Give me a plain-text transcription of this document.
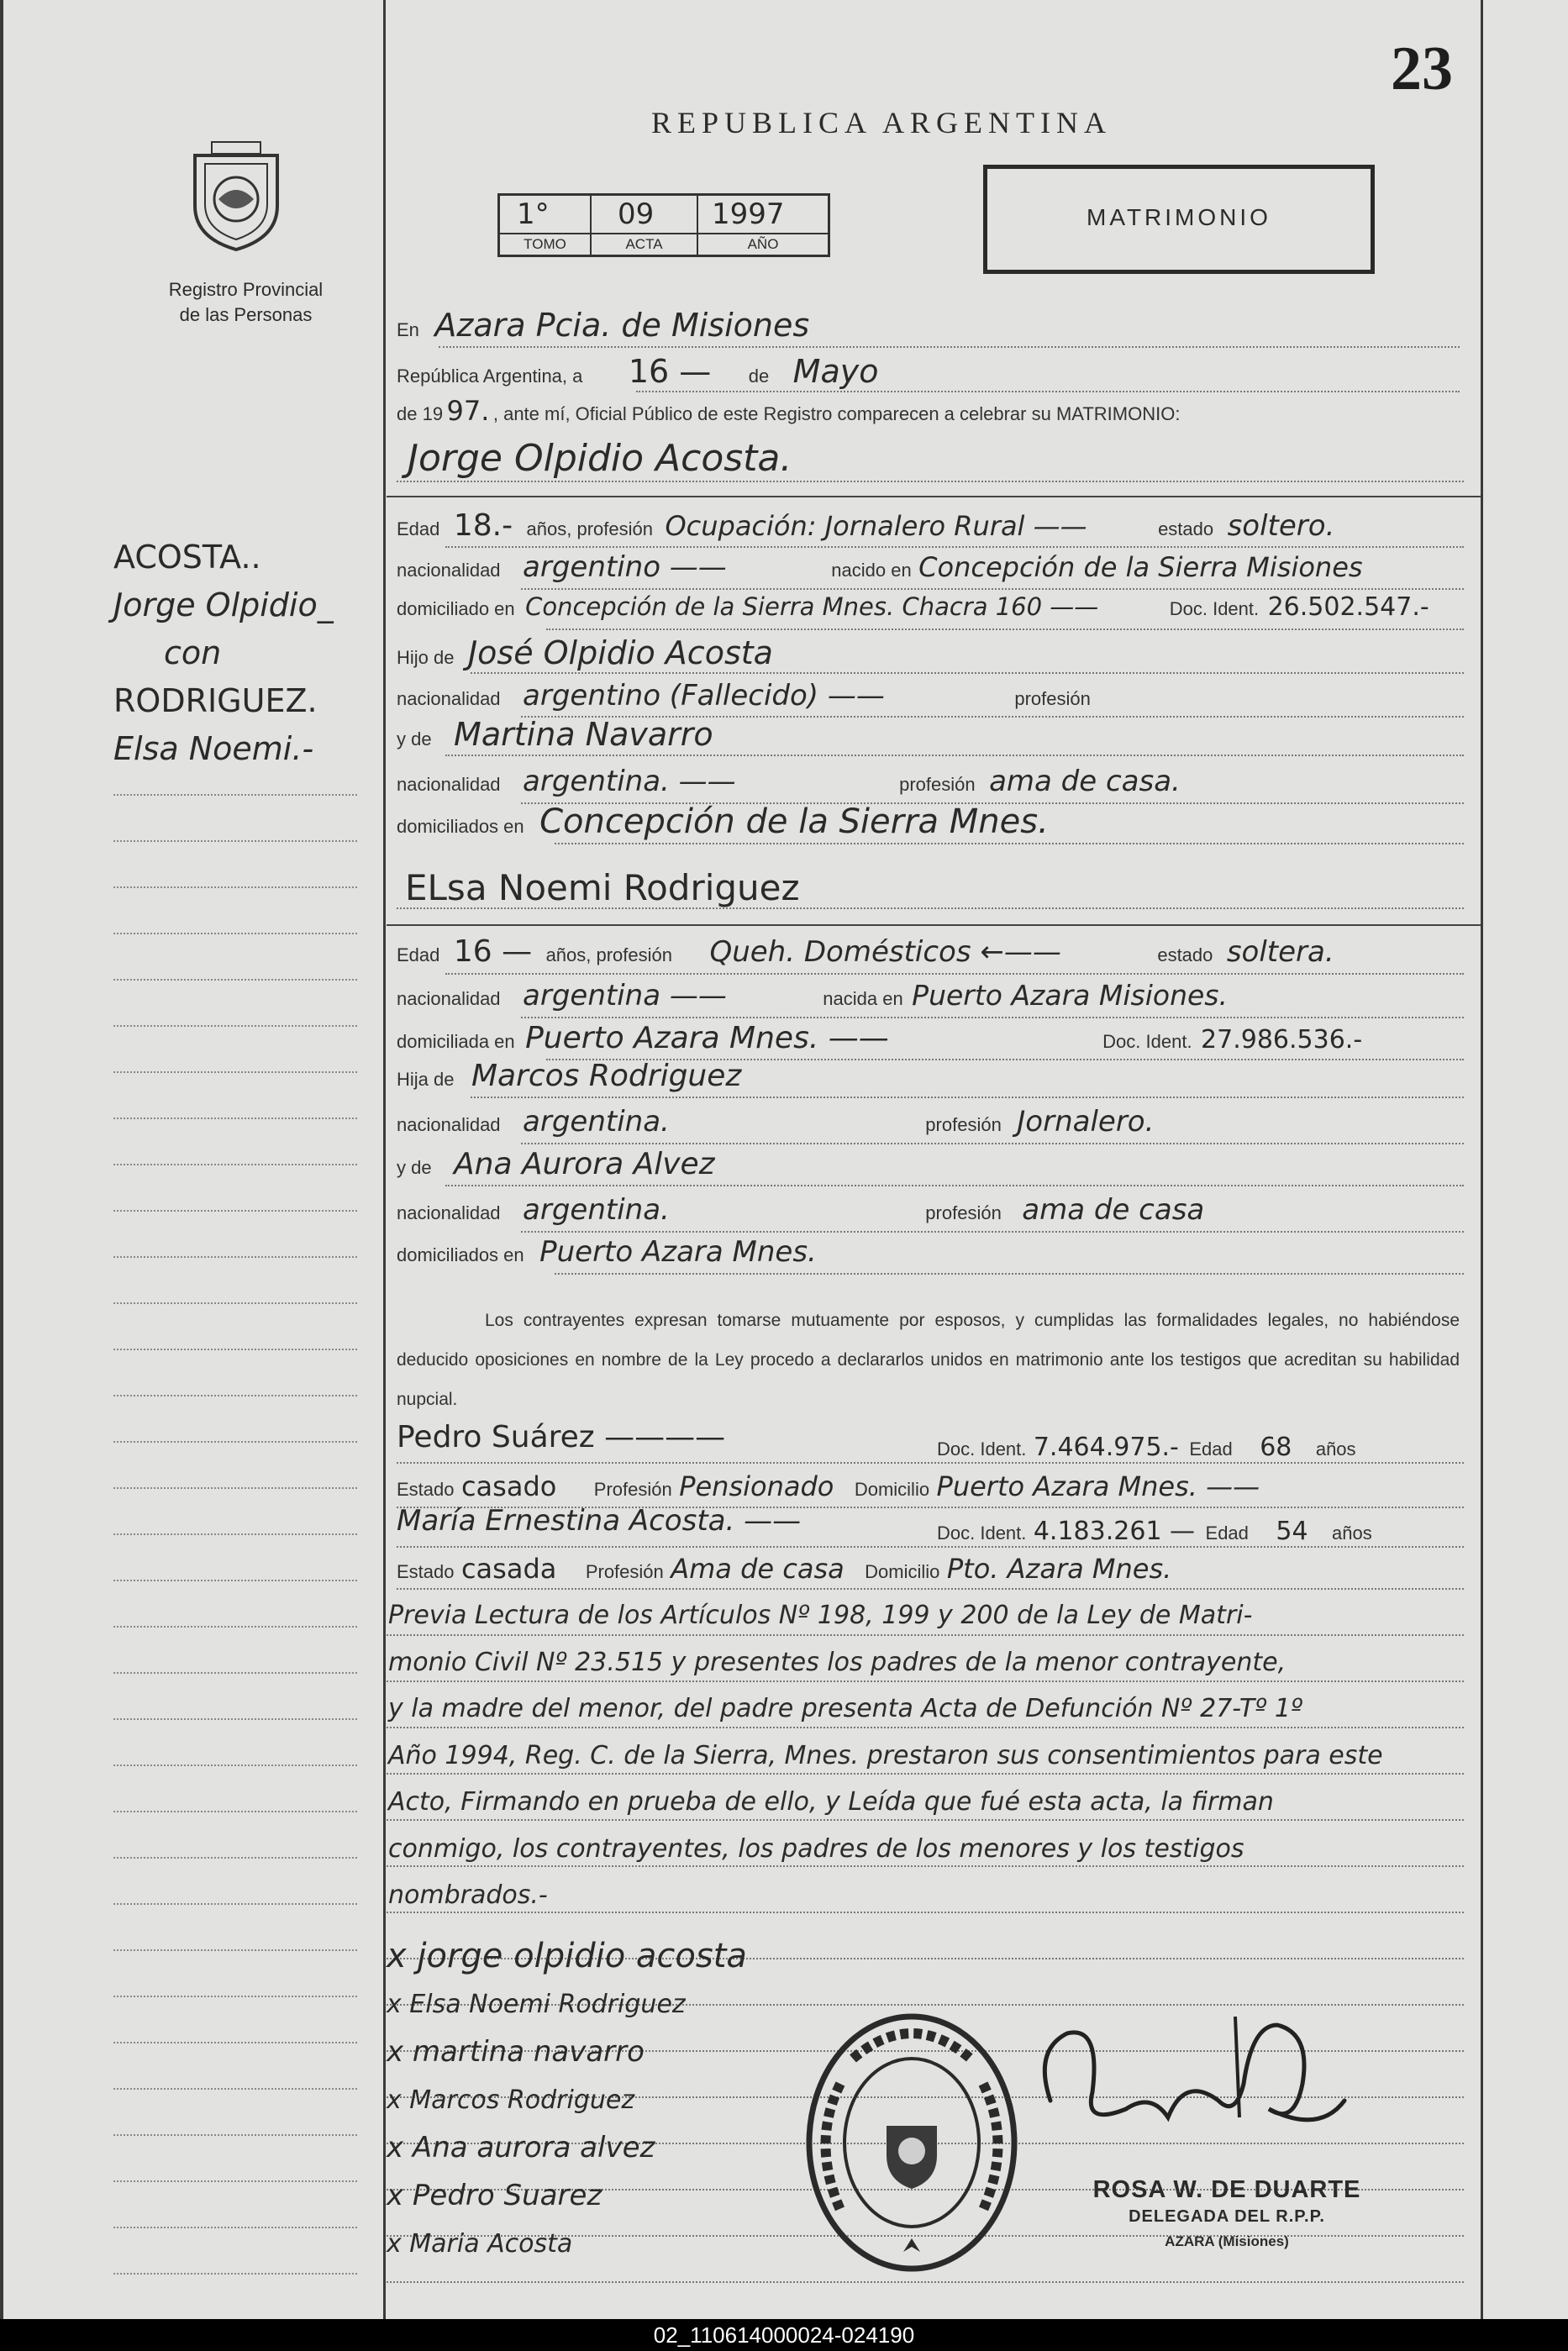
23
REPUBLICA ARGENTINA
Registro Provincial
de las Personas
1° 09 1997
TOMO	ACTA	AÑO
MATRIMONIO
ACOSTA..
Jorge Olpidio_
con
RODRIGUEZ.
Elsa Noemi.-
En Azara Pcia. de Misiones
República Argentina, a 16 — de Mayo
de 19 97. , ante mí, Oficial Público de este Registro comparecen a celebrar su MATRIMONIO:
Jorge Olpidio Acosta.
Edad 18.- años, profesión Ocupación: Jornalero Rural ——	estado soltero.
nacionalidad argentino ——	nacido en Concepción de la Sierra Misiones
domiciliado en Concepción de la Sierra Mnes. Chacra 160 ——	Doc. Ident. 26.502.547.-
Hijo de José Olpidio Acosta
nacionalidad argentino (Fallecido) ——	profesión
y de Martina Navarro
nacionalidad argentina. ——	profesión ama de casa.
domiciliados en Concepción de la Sierra Mnes.
ELsa Noemi Rodriguez
Edad 16 — años, profesión Queh. Domésticos ←——	estado soltera.
nacionalidad argentina ——	nacida en Puerto Azara Misiones.
domiciliada en Puerto Azara Mnes. ——	Doc. Ident. 27.986.536.-
Hija de Marcos Rodriguez
nacionalidad argentina.	profesión Jornalero.
y de Ana Aurora Alvez
nacionalidad argentina.	profesión ama de casa
domiciliados en Puerto Azara Mnes.
Los contrayentes expresan tomarse mutuamente por esposos, y cumplidas las formalidades legales, no habiéndose deducido oposiciones en nombre de la Ley procedo a declararlos unidos en matrimonio ante los testigos que acreditan su habilidad nupcial.
Pedro Suárez ————	Doc. Ident. 7.464.975.- Edad 68 años
Estado casado Profesión Pensionado Domicilio Puerto Azara Mnes. ——
María Ernestina Acosta. ——	Doc. Ident. 4.183.261 — Edad 54 años
Estado casada Profesión Ama de casa Domicilio Pto. Azara Mnes.
Previa Lectura de los Artículos Nº 198, 199 y 200 de la Ley de Matri-
monio Civil Nº 23.515 y presentes los padres de la menor contrayente,
y la madre del menor, del padre presenta Acta de Defunción Nº 27-Tº 1º
Año 1994, Reg. C. de la Sierra, Mnes. prestaron sus consentimientos para este
Acto, Firmando en prueba de ello, y Leída que fué esta acta, la firman
conmigo, los contrayentes, los padres de los menores y los testigos
nombrados.-
x jorge olpidio acosta
x Elsa Noemi Rodriguez
x martina navarro
x Marcos Rodriguez
x Ana aurora alvez
x Pedro Suarez
x Maria Acosta
ROSA W. DE DUARTE
DELEGADA DEL R.P.P.
AZARA (Misiones)
02_110614000024-024190
